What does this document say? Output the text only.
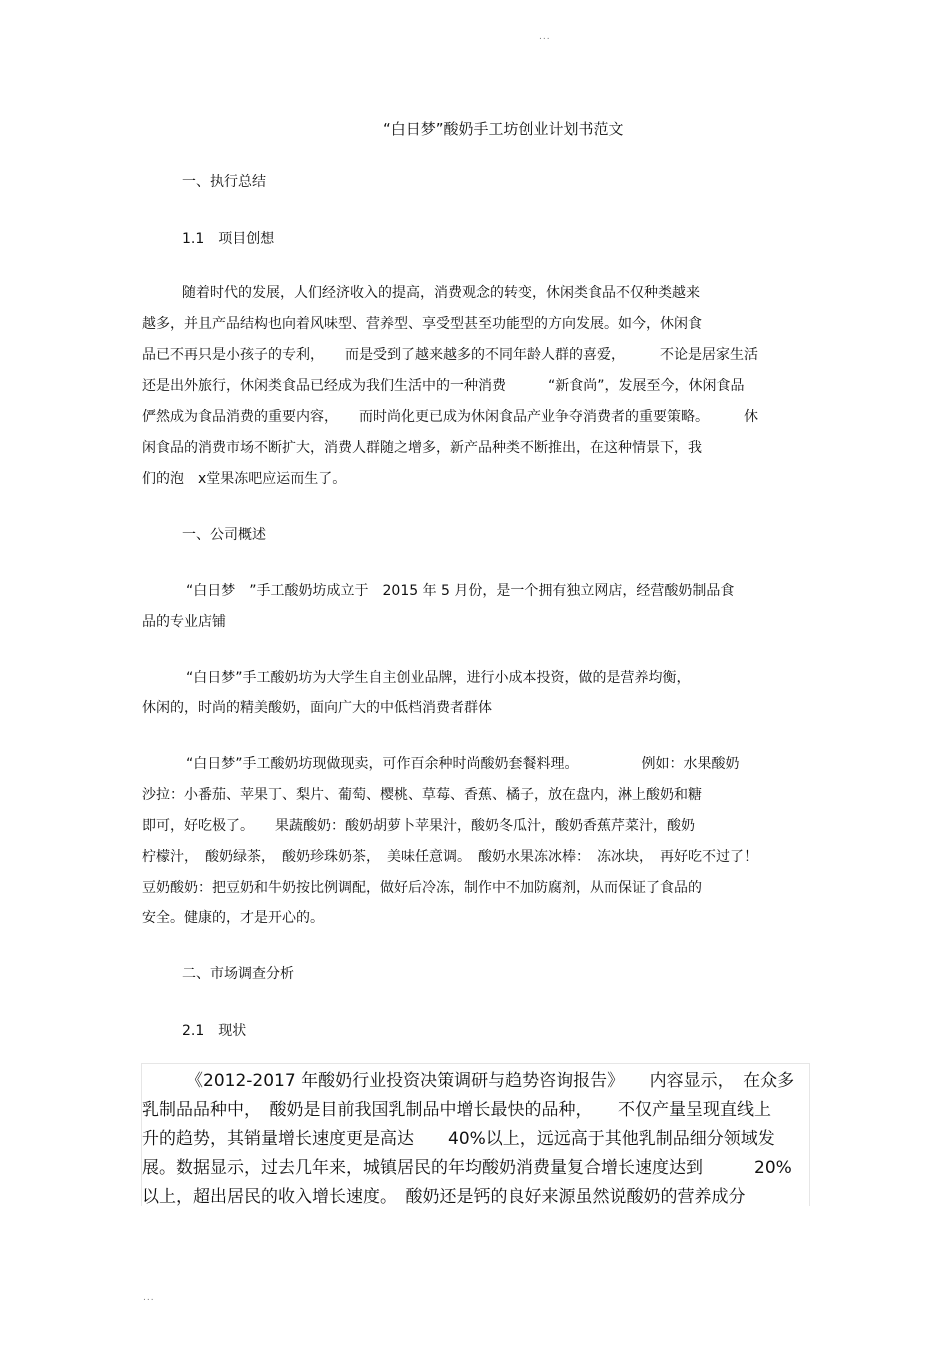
...
“白日梦”酸奶手工坊创业计划书范文
一、执行总结
1.1　项目创想
随着时代的发展，人们经济收入的提高，消费观念的转变，休闲类食品不仅种类越来
越多，并且产品结构也向着风味型、营养型、享受型甚至功能型的方向发展。如今，休闲食
品已不再只是小孩子的专利，　　而是受到了越来越多的不同年龄人群的喜爱，　　　不论是居家生活
还是出外旅行，休闲类食品已经成为我们生活中的一种消费　　　“新食尚”，发展至今，休闲食品
俨然成为食品消费的重要内容，　　而时尚化更已成为休闲食品产业争夺消费者的重要策略。　　　休
闲食品的消费市场不断扩大，消费人群随之增多，新产品种类不断推出，在这种情景下，我
们的泡　x堂果冻吧应运而生了。
一、公司概述
“白日梦　”手工酸奶坊成立于　2015 年 5 月份，是一个拥有独立网店，经营酸奶制品食
品的专业店铺
“白日梦”手工酸奶坊为大学生自主创业品牌，进行小成本投资，做的是营养均衡，
休闲的，时尚的精美酸奶，面向广大的中低档消费者群体
“白日梦”手工酸奶坊现做现卖，可作百余种时尚酸奶套餐料理。　　　　　例如：水果酸奶
沙拉：小番茄、苹果丁、梨片、葡萄、樱桃、草莓、香蕉、橘子，放在盘内，淋上酸奶和糖
即可，好吃极了。　　果蔬酸奶：酸奶胡萝卜苹果汁，酸奶冬瓜汁，酸奶香蕉芹菜汁，酸奶
柠檬汁，　酸奶绿茶，　酸奶珍珠奶茶，　美味任意调。　酸奶水果冻冰棒：　冻冰块，　再好吃不过了！
豆奶酸奶：把豆奶和牛奶按比例调配，做好后冷冻，制作中不加防腐剂，从而保证了食品的
安全。健康的，才是开心的。
二、市场调查分析
2.1　现状
《2012-2017 年酸奶行业投资决策调研与趋势咨询报告》　　内容显示，　在众多
乳制品品种中，　酸奶是目前我国乳制品中增长最快的品种，　　不仅产量呈现直线上
升的趋势，其销量增长速度更是高达　　40%以上，远远高于其他乳制品细分领域发
展。数据显示，过去几年来，城镇居民的年均酸奶消费量复合增长速度达到　　　20%
以上，超出居民的收入增长速度。　酸奶还是钙的良好来源虽然说酸奶的营养成分
...
